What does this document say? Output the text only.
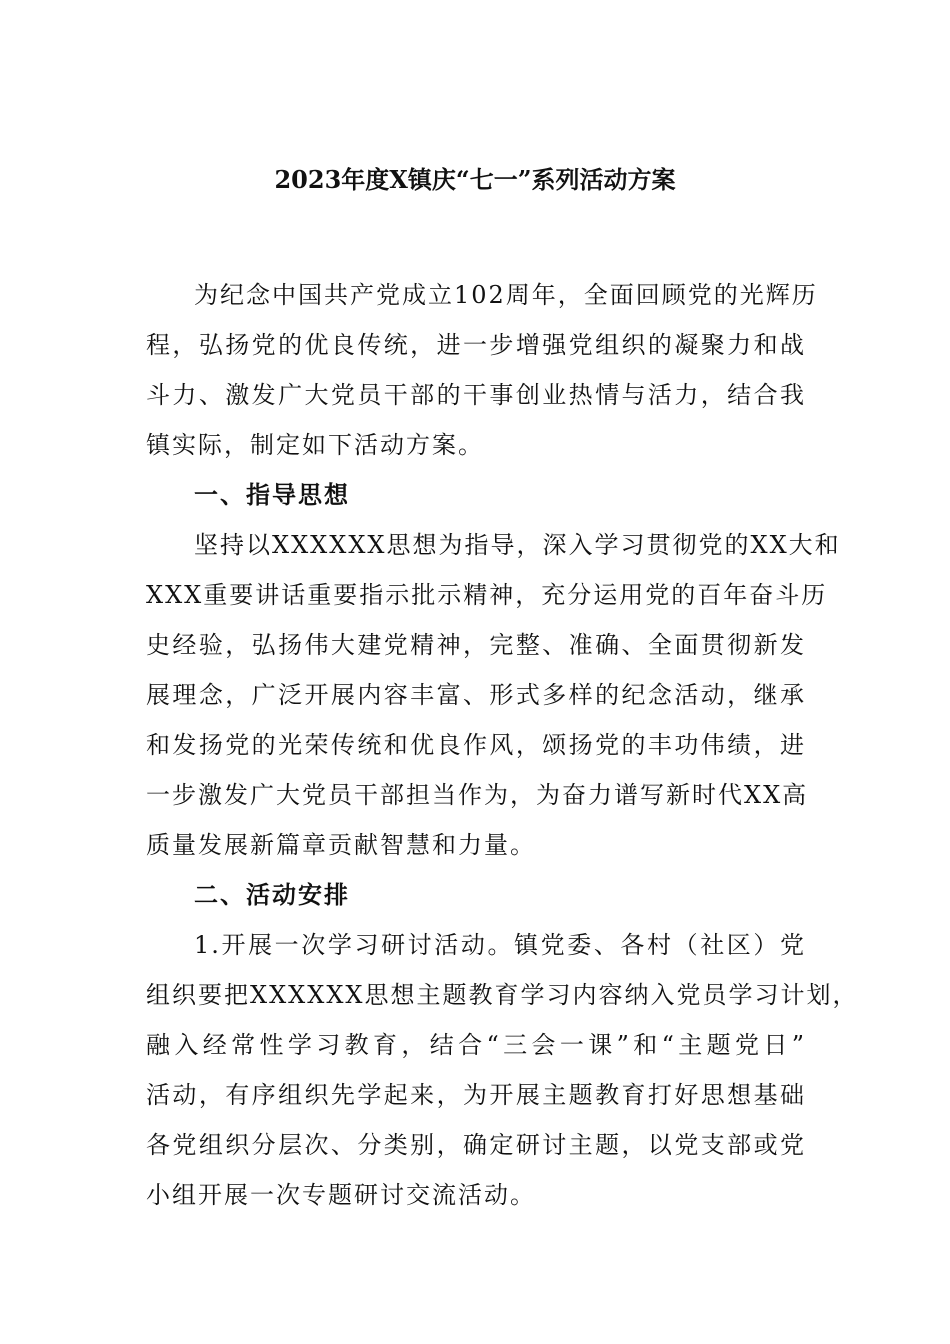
2023年度X镇庆“七一”系列活动方案
为纪念中国共产党成立102周年，全面回顾党的光辉历
程，弘扬党的优良传统，进一步增强党组织的凝聚力和战
斗力、激发广大党员干部的干事创业热情与活力，结合我
镇实际，制定如下活动方案。
一、指导思想
坚持以XXXXXX思想为指导，深入学习贯彻党的XX大和
XXX重要讲话重要指示批示精神，充分运用党的百年奋斗历
史经验，弘扬伟大建党精神，完整、准确、全面贯彻新发
展理念，广泛开展内容丰富、形式多样的纪念活动，继承
和发扬党的光荣传统和优良作风，颂扬党的丰功伟绩，进
一步激发广大党员干部担当作为，为奋力谱写新时代XX高
质量发展新篇章贡献智慧和力量。
二、活动安排
1.开展一次学习研讨活动。镇党委、各村（社区）党
组织要把XXXXXX思想主题教育学习内容纳入党员学习计划，
融入经常性学习教育，结合“三会一课”和“主题党日”
活动，有序组织先学起来，为开展主题教育打好思想基础
各党组织分层次、分类别，确定研讨主题，以党支部或党
小组开展一次专题研讨交流活动。
